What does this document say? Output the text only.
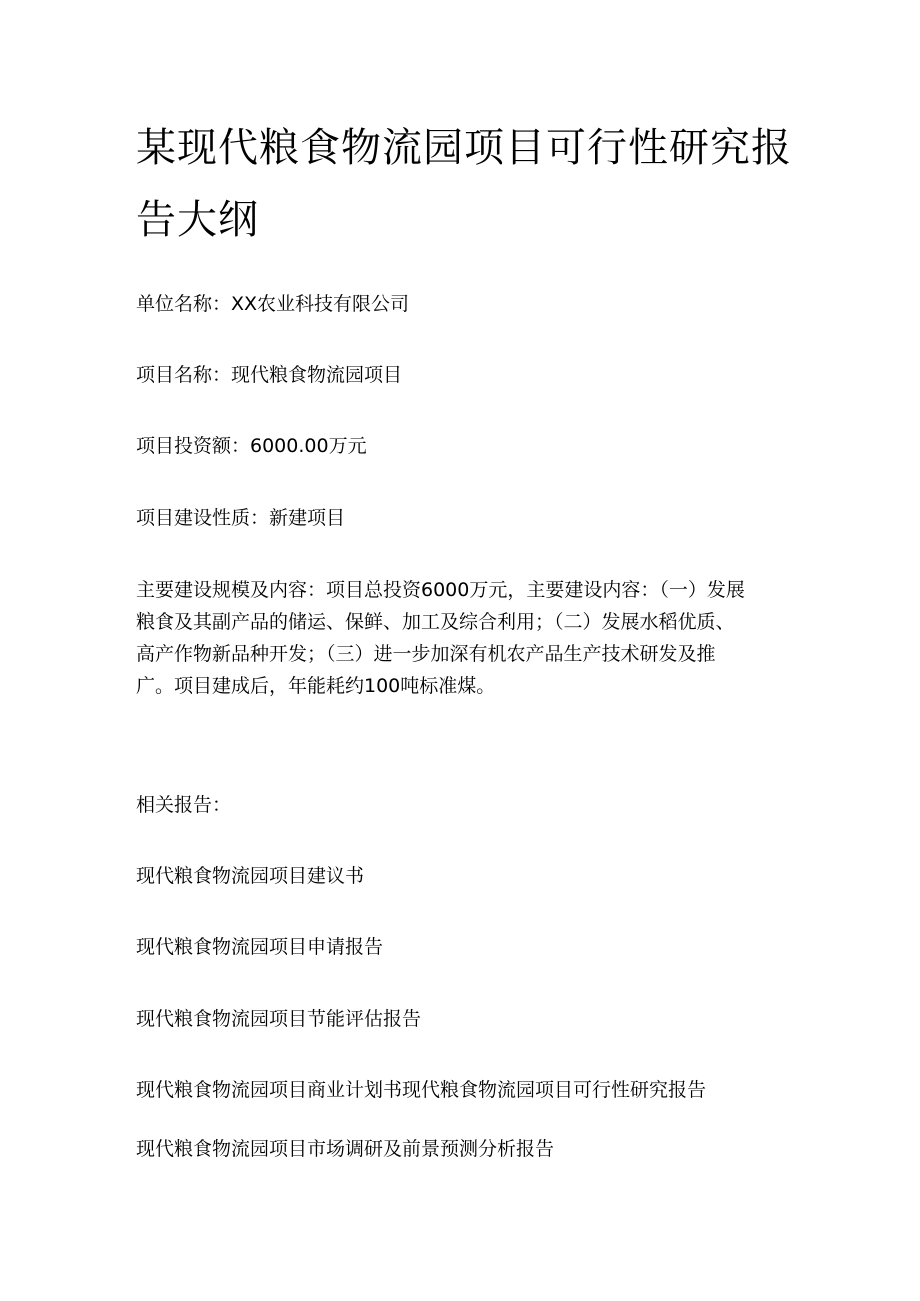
某现代粮食物流园项目可行性研究报告大纲

单位名称：XX农业科技有限公司

项目名称：现代粮食物流园项目

项目投资额：6000.00万元

项目建设性质：新建项目

主要建设规模及内容：项目总投资6000万元，主要建设内容：（一）发展
粮食及其副产品的储运、保鲜、加工及综合利用；（二）发展水稻优质、
高产作物新品种开发；（三）进一步加深有机农产品生产技术研发及推
广。项目建成后，年能耗约100吨标准煤。

相关报告：

现代粮食物流园项目建议书

现代粮食物流园项目申请报告

现代粮食物流园项目节能评估报告

现代粮食物流园项目商业计划书现代粮食物流园项目可行性研究报告

现代粮食物流园项目市场调研及前景预测分析报告
